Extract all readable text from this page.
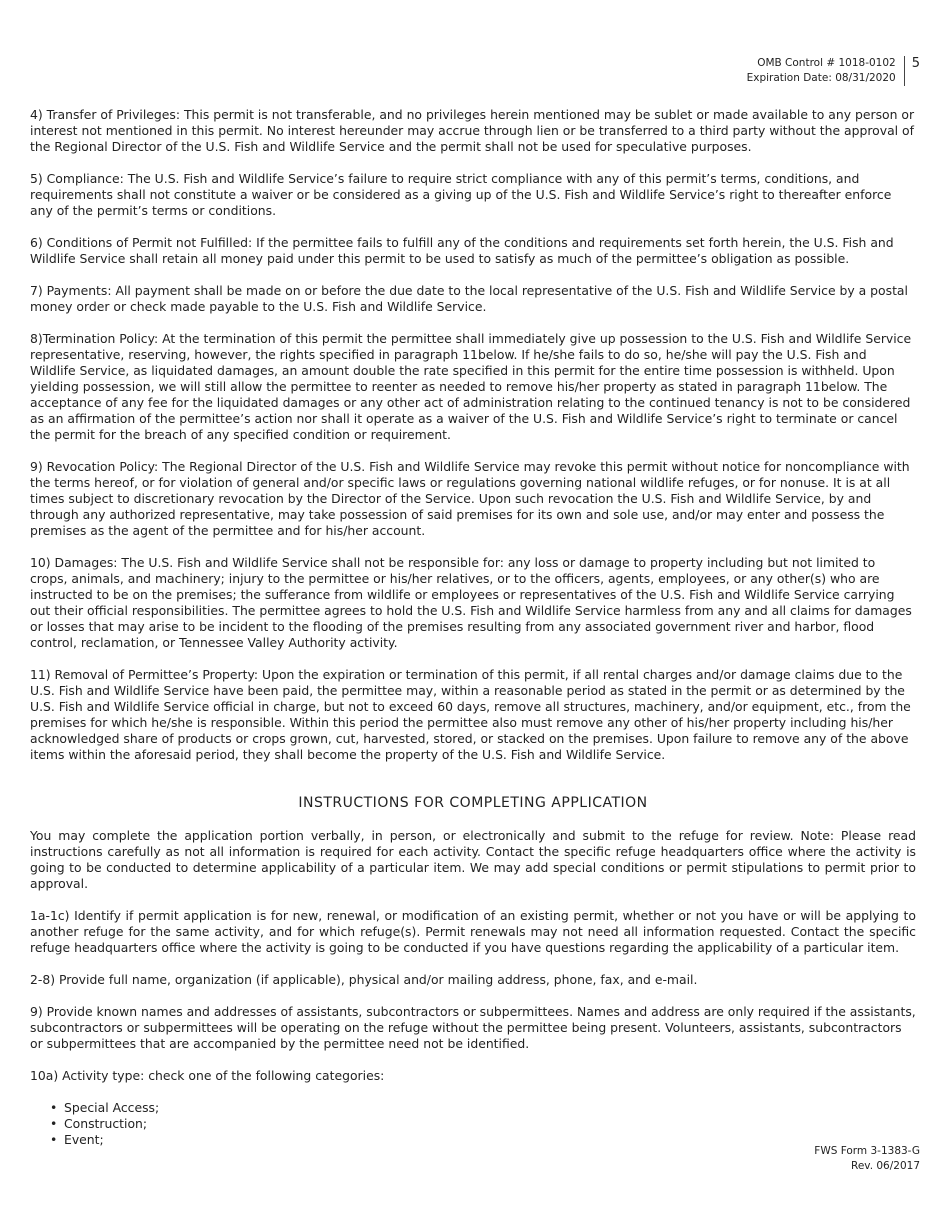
OMB Control # 1018-0102
Expiration Date: 08/31/2020
5

4) Transfer of Privileges: This permit is not transferable, and no privileges herein mentioned may be sublet or made available to any person or interest not mentioned in this permit. No interest hereunder may accrue through lien or be transferred to a third party without the approval of the Regional Director of the U.S. Fish and Wildlife Service and the permit shall not be used for speculative purposes.

5) Compliance: The U.S. Fish and Wildlife Service’s failure to require strict compliance with any of this permit’s terms, conditions, and requirements shall not constitute a waiver or be considered as a giving up of the U.S. Fish and Wildlife Service’s right to thereafter enforce any of the permit’s terms or conditions.

6) Conditions of Permit not Fulfilled: If the permittee fails to fulfill any of the conditions and requirements set forth herein, the U.S. Fish and Wildlife Service shall retain all money paid under this permit to be used to satisfy as much of the permittee’s obligation as possible.

7) Payments: All payment shall be made on or before the due date to the local representative of the U.S. Fish and Wildlife Service by a postal money order or check made payable to the U.S. Fish and Wildlife Service.

8)Termination Policy: At the termination of this permit the permittee shall immediately give up possession to the U.S. Fish and Wildlife Service representative, reserving, however, the rights specified in paragraph 11below. If he/she fails to do so, he/she will pay the U.S. Fish and Wildlife Service, as liquidated damages, an amount double the rate specified in this permit for the entire time possession is withheld. Upon yielding possession, we will still allow the permittee to reenter as needed to remove his/her property as stated in paragraph 11below. The acceptance of any fee for the liquidated damages or any other act of administration relating to the continued tenancy is not to be considered as an affirmation of the permittee’s action nor shall it operate as a waiver of the U.S. Fish and Wildlife Service’s right to terminate or cancel the permit for the breach of any specified condition or requirement.

9) Revocation Policy: The Regional Director of the U.S. Fish and Wildlife Service may revoke this permit without notice for noncompliance with the terms hereof, or for violation of general and/or specific laws or regulations governing national wildlife refuges, or for nonuse. It is at all times subject to discretionary revocation by the Director of the Service. Upon such revocation the U.S. Fish and Wildlife Service, by and through any authorized representative, may take possession of said premises for its own and sole use, and/or may enter and possess the premises as the agent of the permittee and for his/her account.

10) Damages: The U.S. Fish and Wildlife Service shall not be responsible for: any loss or damage to property including but not limited to crops, animals, and machinery; injury to the permittee or his/her relatives, or to the officers, agents, employees, or any other(s) who are instructed to be on the premises; the sufferance from wildlife or employees or representatives of the U.S. Fish and Wildlife Service carrying out their official responsibilities. The permittee agrees to hold the U.S. Fish and Wildlife Service harmless from any and all claims for damages or losses that may arise to be incident to the flooding of the premises resulting from any associated government river and harbor, flood control, reclamation, or Tennessee Valley Authority activity.

11) Removal of Permittee’s Property: Upon the expiration or termination of this permit, if all rental charges and/or damage claims due to the U.S. Fish and Wildlife Service have been paid, the permittee may, within a reasonable period as stated in the permit or as determined by the U.S. Fish and Wildlife Service official in charge, but not to exceed 60 days, remove all structures, machinery, and/or equipment, etc., from the premises for which he/she is responsible. Within this period the permittee also must remove any other of his/her property including his/her acknowledged share of products or crops grown, cut, harvested, stored, or stacked on the premises. Upon failure to remove any of the above items within the aforesaid period, they shall become the property of the U.S. Fish and Wildlife Service.

INSTRUCTIONS FOR COMPLETING APPLICATION

You may complete the application portion verbally, in person, or electronically and submit to the refuge for review. Note: Please read instructions carefully as not all information is required for each activity. Contact the specific refuge headquarters office where the activity is going to be conducted to determine applicability of a particular item. We may add special conditions or permit stipulations to permit prior to approval.

1a-1c) Identify if permit application is for new, renewal, or modification of an existing permit, whether or not you have or will be applying to another refuge for the same activity, and for which refuge(s). Permit renewals may not need all information requested. Contact the specific refuge headquarters office where the activity is going to be conducted if you have questions regarding the applicability of a particular item.

2-8) Provide full name, organization (if applicable), physical and/or mailing address, phone, fax, and e-mail.

9) Provide known names and addresses of assistants, subcontractors or subpermittees. Names and address are only required if the assistants, subcontractors or subpermittees will be operating on the refuge without the permittee being present. Volunteers, assistants, subcontractors or subpermittees that are accompanied by the permittee need not be identified.

10a) Activity type: check one of the following categories:

• Special Access;
• Construction;
• Event;
FWS Form 3-1383-G
Rev. 06/2017
